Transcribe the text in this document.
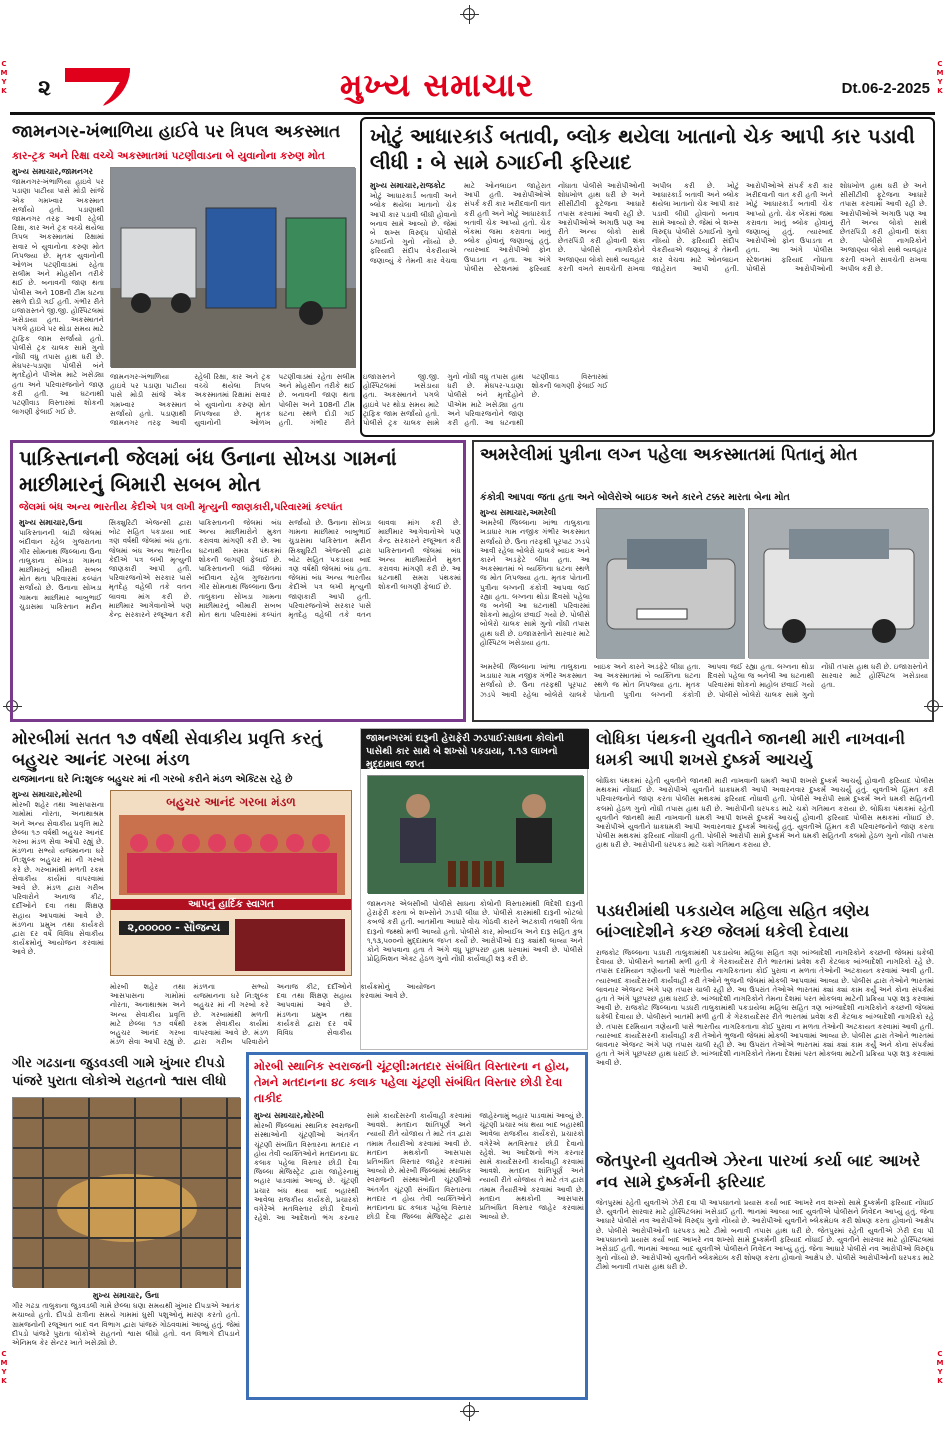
CMYK
CMYK
CMYK
CMYK
૨	મુખ્ય સમાચાર	Dt.06-2-2025
જામનગર-ખંભાળિયા હાઈવે પર ત્રિપલ અકસ્માત
કાર-ટ્રક અને રિક્ષા વચ્ચે અકસ્માતમાં પટણીવાડના બે યુવાનોના કરુણ મોત
મુખ્ય સમાચાર,જામનગર
જામનગર-ખંભાળિયા હાઇવે પર પડાણા પાટીયા પાસે મોડી સાંજે એક ગમખ્વાર અકસ્માત સર્જાયો હતો. પડાણાથી જામનગર તરફ આવી રહેલી રિક્ષા, કાર અને ટ્રક વચ્ચે થયેલા ત્રિપલ અકસ્માતમાં રિક્ષામાં સવાર બે યુવાનોના કરુણ મોત નિપજ્યા છે. મૃતક યુવાનોની ઓળખ પટણીવાડમાં રહેતા સલીમ અને મોહસીન તરીકે થઈ છે. બનાવની જાણ થતા પોલીસ અને 108ની ટીમ ઘટના સ્થળે દોડી ગઈ હતી. ગંભીર રીતે ઇજાગ્રસ્તને જી.જી. હોસ્પિટલમાં ખસેડાયા હતા. અકસ્માતને પગલે હાઇવે પર થોડા સમય માટે ટ્રાફિક જામ સર્જાયો હતો. પોલીસે ટ્રક ચાલક સામે ગુનો નોંધી વધુ તપાસ હાથ ધરી છે. મેઘપર-પડાણા પોલીસે બંને મૃતદેહોને પીએમ માટે ખસેડ્યા હતા અને પરિવારજનોને જાણ કરી હતી. આ ઘટનાથી પટણીવાડ વિસ્તારમાં શોકની લાગણી ફેલાઈ ગઈ છે.
જામનગર-ખંભાળિયા હાઇવે પર પડાણા પાટીયા પાસે મોડી સાંજે એક ગમખ્વાર અકસ્માત સર્જાયો હતો. પડાણાથી જામનગર તરફ આવી રહેલી રિક્ષા, કાર અને ટ્રક વચ્ચે થયેલા ત્રિપલ અકસ્માતમાં રિક્ષામાં સવાર બે યુવાનોના કરુણ મોત નિપજ્યા છે. મૃતક યુવાનોની ઓળખ પટણીવાડમાં રહેતા સલીમ અને મોહસીન તરીકે થઈ છે. બનાવની જાણ થતા પોલીસ અને 108ની ટીમ ઘટના સ્થળે દોડી ગઈ હતી. ગંભીર રીતે ઇજાગ્રસ્તને જી.જી. હોસ્પિટલમાં ખસેડાયા હતા. અકસ્માતને પગલે હાઇવે પર થોડા સમય માટે ટ્રાફિક જામ સર્જાયો હતો. પોલીસે ટ્રક ચાલક સામે ગુનો નોંધી વધુ તપાસ હાથ ધરી છે. મેઘપર-પડાણા પોલીસે બંને મૃતદેહોને પીએમ માટે ખસેડ્યા હતા અને પરિવારજનોને જાણ કરી હતી. આ ઘટનાથી પટણીવાડ વિસ્તારમાં શોકની લાગણી ફેલાઈ ગઈ છે.
ખોટું આધારકાર્ડ બતાવી, બ્લોક થયેલા ખાતાનો ચેક આપી કાર પડાવી લીધી : બે સામે ઠગાઈની ફરિયાદ
મુખ્ય સમાચાર,રાજકોટ
ખોટું આધારકાર્ડ બતાવી અને બ્લોક થયેલા ખાતાનો ચેક આપી કાર પડાવી લીધી હોવાનો બનાવ સામે આવ્યો છે. જેમાં બે શખ્સ વિરુદ્ધ પોલીસે ઠગાઈનો ગુનો નોંધ્યો છે. ફરિયાદી સંદીપ વેકરીયાએ જણાવ્યું કે તેમની કાર વેચવા માટે ઓનલાઇન જાહેરાત આપી હતી. આરોપીઓએ સંપર્ક કરી કાર ખરીદવાની વાત કરી હતી અને ખોટું આધારકાર્ડ બતાવી ચેક આપ્યો હતો. ચેક બેંકમાં જમા કરાવતા ખાતું બ્લોક હોવાનું જણાવ્યું હતું. ત્યારબાદ આરોપીઓ ફોન ઉપાડતા ન હતા. આ અંગે પોલીસ સ્ટેશનમાં ફરિયાદ નોંધાતા પોલીસે આરોપીઓની શોધખોળ હાથ ધરી છે અને સીસીટીવી ફૂટેજના આધારે તપાસ કરવામાં આવી રહી છે. આરોપીઓએ અગાઉ પણ આ રીતે અન્ય લોકો સાથે છેતરપિંડી કરી હોવાની શંકા છે. પોલીસે નાગરિકોને અજાણ્યા લોકો સાથે વ્યવહાર કરતી વખતે સાવચેતી રાખવા અપીલ કરી છે. ખોટું આધારકાર્ડ બતાવી અને બ્લોક થયેલા ખાતાનો ચેક આપી કાર પડાવી લીધી હોવાનો બનાવ સામે આવ્યો છે. જેમાં બે શખ્સ વિરુદ્ધ પોલીસે ઠગાઈનો ગુનો નોંધ્યો છે. ફરિયાદી સંદીપ વેકરીયાએ જણાવ્યું કે તેમની કાર વેચવા માટે ઓનલાઇન જાહેરાત આપી હતી. આરોપીઓએ સંપર્ક કરી કાર ખરીદવાની વાત કરી હતી અને ખોટું આધારકાર્ડ બતાવી ચેક આપ્યો હતો. ચેક બેંકમાં જમા કરાવતા ખાતું બ્લોક હોવાનું જણાવ્યું હતું. ત્યારબાદ આરોપીઓ ફોન ઉપાડતા ન હતા. આ અંગે પોલીસ સ્ટેશનમાં ફરિયાદ નોંધાતા પોલીસે આરોપીઓની શોધખોળ હાથ ધરી છે અને સીસીટીવી ફૂટેજના આધારે તપાસ કરવામાં આવી રહી છે. આરોપીઓએ અગાઉ પણ આ રીતે અન્ય લોકો સાથે છેતરપિંડી કરી હોવાની શંકા છે. પોલીસે નાગરિકોને અજાણ્યા લોકો સાથે વ્યવહાર કરતી વખતે સાવચેતી રાખવા અપીલ કરી છે.
પાકિસ્તાનની જેલમાં બંધ ઉનાના સોખડા ગામનાં માછીમારનું બિમારી સબબ મોત
જેલમાં બંધ અન્ય ભારતીય કેદીએ પત્ર લખી મૃત્યુની જાણકારી,પરિવારમાં કલ્પાંત
મુખ્ય સમાચાર,ઉના
પાકિસ્તાનની લાંઢી જેલમાં બંદીવાન રહેલ ગુજરાતના ગીર સોમનાથ જિલ્લાના ઉના તાલુકાના સોખડા ગામના માછીમારનું બીમારી સબબ મોત થતા પરિવારમાં કલ્પાંત સર્જાયો છે. ઉનાના સોખડા ગામના માછીમાર બાબુભાઈ ચુડાસમા પાકિસ્તાન મરીન સિક્યુરિટી એજન્સી દ્વારા બોટ સહિત પકડાયા બાદ ત્રણ વર્ષથી જેલમાં બંધ હતા. જેલમાં બંધ અન્ય ભારતીય કેદીએ પત્ર લખી મૃત્યુની જાણકારી આપી હતી. પરિવારજનોએ સરકાર પાસે મૃતદેહ વહેલી તકે વતન લાવવા માંગ કરી છે. માછીમાર આગેવાનોએ પણ કેન્દ્ર સરકારને રજૂઆત કરી પાકિસ્તાનની જેલમાં બંધ અન્ય માછીમારોને મુક્ત કરાવવા માંગણી કરી છે. આ ઘટનાથી સમગ્ર પંથકમાં શોકની લાગણી ફેલાઈ છે. પાકિસ્તાનની લાંઢી જેલમાં બંદીવાન રહેલ ગુજરાતના ગીર સોમનાથ જિલ્લાના ઉના તાલુકાના સોખડા ગામના માછીમારનું બીમારી સબબ મોત થતા પરિવારમાં કલ્પાંત સર્જાયો છે. ઉનાના સોખડા ગામના માછીમાર બાબુભાઈ ચુડાસમા પાકિસ્તાન મરીન સિક્યુરિટી એજન્સી દ્વારા બોટ સહિત પકડાયા બાદ ત્રણ વર્ષથી જેલમાં બંધ હતા. જેલમાં બંધ અન્ય ભારતીય કેદીએ પત્ર લખી મૃત્યુની જાણકારી આપી હતી. પરિવારજનોએ સરકાર પાસે મૃતદેહ વહેલી તકે વતન લાવવા માંગ કરી છે. માછીમાર આગેવાનોએ પણ કેન્દ્ર સરકારને રજૂઆત કરી પાકિસ્તાનની જેલમાં બંધ અન્ય માછીમારોને મુક્ત કરાવવા માંગણી કરી છે. આ ઘટનાથી સમગ્ર પંથકમાં શોકની લાગણી ફેલાઈ છે.
અમરેલીમાં પુત્રીના લગ્ન પહેલા અકસ્માતમાં પિતાનું મોત
કંકોત્રી આપવા જતા હતા અને બોલેરોએ બાઇક અને કારને ટક્કર મારતા બેના મોત
મુખ્ય સમાચાર,અમરેલી
અમરેલી જિલ્લાના ખાંભા તાલુકાના ખડાધાર ગામ નજીક ગંભીર અકસ્માત સર્જાયો છે. ઉના તરફથી પૂરપાટ ઝડપે આવી રહેલા બોલેરો ચાલકે બાઇક અને કારને અડફેટે લીધા હતા. આ અકસ્માતમાં બે વ્યક્તિના ઘટના સ્થળે જ મોત નિપજ્યા હતા. મૃતક પોતાની પુત્રીના લગ્નની કંકોત્રી આપવા જઈ રહ્યા હતા. લગ્નના થોડા દિવસો પહેલા જ બનેલી આ ઘટનાથી પરિવારમાં શોકનો માહોલ છવાઈ ગયો છે. પોલીસે બોલેરો ચાલક સામે ગુનો નોંધી તપાસ હાથ ધરી છે. ઇજાગ્રસ્તોને સારવાર માટે હોસ્પિટલ ખસેડાયા હતા.
અમરેલી જિલ્લાના ખાંભા તાલુકાના ખડાધાર ગામ નજીક ગંભીર અકસ્માત સર્જાયો છે. ઉના તરફથી પૂરપાટ ઝડપે આવી રહેલા બોલેરો ચાલકે બાઇક અને કારને અડફેટે લીધા હતા. આ અકસ્માતમાં બે વ્યક્તિના ઘટના સ્થળે જ મોત નિપજ્યા હતા. મૃતક પોતાની પુત્રીના લગ્નની કંકોત્રી આપવા જઈ રહ્યા હતા. લગ્નના થોડા દિવસો પહેલા જ બનેલી આ ઘટનાથી પરિવારમાં શોકનો માહોલ છવાઈ ગયો છે. પોલીસે બોલેરો ચાલક સામે ગુનો નોંધી તપાસ હાથ ધરી છે. ઇજાગ્રસ્તોને સારવાર માટે હોસ્પિટલ ખસેડાયા હતા.
મોરબીમાં સતત ૧૭ વર્ષથી સેવાકીય પ્રવૃત્તિ કરતું બહુચર આનંદ ગરબા મંડળ
યજમાનના ઘરે નિ:શુલ્ક બહુચર માં ની ગરબો કરીને મંડળ એક્ટિસ રહે છે
મુખ્ય સમાચાર,મોરબી
મોરબી શહેર તથા આસપાસના ગામોમાં નોરતા, અનાથાશ્રમ અને અન્ય સેવાકીય પ્રવૃત્તિ માટે છેલ્લા ૧૭ વર્ષથી બહુચર આનંદ ગરબા મંડળ સેવા આપી રહ્યું છે. મંડળના સભ્યો યજમાનના ઘરે નિ:શુલ્ક બહુચર માં ની ગરબો કરે છે. ગરબામાંથી મળતી રકમ સેવાકીય કાર્યમાં વાપરવામાં આવે છે. મંડળ દ્વારા ગરીબ પરિવારોને અનાજ કીટ, દર્દીઓને દવા તથા શિક્ષણ સહાય આપવામાં આવે છે. મંડળના પ્રમુખ તથા કાર્યકરો દ્વારા દર વર્ષે વિવિધ સેવાકીય કાર્યક્રમોનું આયોજન કરવામાં આવે છે.
બહુચર આનંદ ગરબા મંડળ
આપનું હાર્દિક સ્વાગત
૨,૦૦૦૦૦ - સૌજન્ય
મોરબી શહેર તથા આસપાસના ગામોમાં નોરતા, અનાથાશ્રમ અને અન્ય સેવાકીય પ્રવૃત્તિ માટે છેલ્લા ૧૭ વર્ષથી બહુચર આનંદ ગરબા મંડળ સેવા આપી રહ્યું છે. મંડળના સભ્યો યજમાનના ઘરે નિ:શુલ્ક બહુચર માં ની ગરબો કરે છે. ગરબામાંથી મળતી રકમ સેવાકીય કાર્યમાં વાપરવામાં આવે છે. મંડળ દ્વારા ગરીબ પરિવારોને અનાજ કીટ, દર્દીઓને દવા તથા શિક્ષણ સહાય આપવામાં આવે છે. મંડળના પ્રમુખ તથા કાર્યકરો દ્વારા દર વર્ષે વિવિધ સેવાકીય કાર્યક્રમોનું આયોજન કરવામાં આવે છે.
જામનગરમાં દારૂની હેરાફેરી ઝડપાઈ:સાધના કોલોની પાસેથી કાર સાથે બે શખ્સો પકડાયા, ૧.૧૩ લાખનો મુદ્દામાલ જપ્ત
જામનગર એલસીબી પોલીસે સાધના કોલોની વિસ્તારમાંથી વિદેશી દારૂની હેરાફેરી કરતા બે શખ્સોને ઝડપી લીધા છે. પોલીસે કારમાંથી દારૂની બોટલો કબજે કરી હતી. બાતમીના આધારે વોચ ગોઠવી કારને અટકાવી તલાશી લેતા દારૂનો જથ્થો મળી આવ્યો હતો. પોલીસે કાર, મોબાઈલ અને દારૂ સહિત કુલ ૧,૧૩,૫૦૦નો મુદ્દામાલ જપ્ત કર્યો છે. આરોપીઓ દારૂ ક્યાંથી લાવ્યા અને કોને આપવાના હતા તે અંગે વધુ પૂછપરછ હાથ ધરવામાં આવી છે. પોલીસે પ્રોહિબિશન એક્ટ હેઠળ ગુનો નોંધી કાર્યવાહી શરૂ કરી છે.
લોધિકા પંથકની યુવતીને જાનથી મારી નાખવાની ધમકી આપી શખસે દુષ્કર્મ આચર્યુ
લોધિકા પંથકમાં રહેતી યુવતીને જાનથી મારી નાખવાની ધમકી આપી શખસે દુષ્કર્મ આચર્યુ હોવાની ફરિયાદ પોલીસ મથકમાં નોંધાઈ છે. આરોપીએ યુવતીને ધાકધમકી આપી અવારનવાર દુષ્કર્મ આચર્યુ હતું. યુવતીએ હિંમત કરી પરિવારજનોને જાણ કરતા પોલીસ મથકમાં ફરિયાદ નોંધાવી હતી. પોલીસે આરોપી સામે દુષ્કર્મ અને ધમકી સહિતની કલમો હેઠળ ગુનો નોંધી તપાસ હાથ ધરી છે. આરોપીની ધરપકડ માટે ચક્રો ગતિમાન કરાયા છે. લોધિકા પંથકમાં રહેતી યુવતીને જાનથી મારી નાખવાની ધમકી આપી શખસે દુષ્કર્મ આચર્યુ હોવાની ફરિયાદ પોલીસ મથકમાં નોંધાઈ છે. આરોપીએ યુવતીને ધાકધમકી આપી અવારનવાર દુષ્કર્મ આચર્યુ હતું. યુવતીએ હિંમત કરી પરિવારજનોને જાણ કરતા પોલીસ મથકમાં ફરિયાદ નોંધાવી હતી. પોલીસે આરોપી સામે દુષ્કર્મ અને ધમકી સહિતની કલમો હેઠળ ગુનો નોંધી તપાસ હાથ ધરી છે. આરોપીની ધરપકડ માટે ચક્રો ગતિમાન કરાયા છે.
પડધરીમાંથી પકડાયેલ મહિલા સહિત ત્રણેય બાંગ્લાદેશીને કચ્છ જેલમાં ધકેલી દેવાયા
રાજકોટ જિલ્લાના પડધરી તાલુકામાંથી પકડાયેલા મહિલા સહિત ત્રણ બાંગ્લાદેશી નાગરિકોને કચ્છની જેલમાં ધકેલી દેવાયા છે. પોલીસને બાતમી મળી હતી કે ગેરકાયદેસર રીતે ભારતમાં પ્રવેશ કરી કેટલાક બાંગ્લાદેશી નાગરિકો રહે છે. તપાસ દરમિયાન ત્રણેયની પાસે ભારતીય નાગરિકતાના કોઈ પુરાવા ન મળતા તેઓની અટકાયત કરવામાં આવી હતી. ત્યારબાદ કાયદેસરની કાર્યવાહી કરી તેઓને ભુજની જેલમાં મોકલી આપવામાં આવ્યા છે. પોલીસ દ્વારા તેઓને ભારતમાં લાવનાર એજન્ટ અંગે પણ તપાસ ચાલી રહી છે. આ ઉપરાંત તેઓએ ભારતમાં ક્યાં ક્યાં કામ કર્યું અને કોના સંપર્કમાં હતા તે અંગે પૂછપરછ હાથ ધરાઈ છે. બાંગ્લાદેશી નાગરિકોને તેમના દેશમાં પરત મોકલવા માટેની પ્રક્રિયા પણ શરૂ કરવામાં આવી છે. રાજકોટ જિલ્લાના પડધરી તાલુકામાંથી પકડાયેલા મહિલા સહિત ત્રણ બાંગ્લાદેશી નાગરિકોને કચ્છની જેલમાં ધકેલી દેવાયા છે. પોલીસને બાતમી મળી હતી કે ગેરકાયદેસર રીતે ભારતમાં પ્રવેશ કરી કેટલાક બાંગ્લાદેશી નાગરિકો રહે છે. તપાસ દરમિયાન ત્રણેયની પાસે ભારતીય નાગરિકતાના કોઈ પુરાવા ન મળતા તેઓની અટકાયત કરવામાં આવી હતી. ત્યારબાદ કાયદેસરની કાર્યવાહી કરી તેઓને ભુજની જેલમાં મોકલી આપવામાં આવ્યા છે. પોલીસ દ્વારા તેઓને ભારતમાં લાવનાર એજન્ટ અંગે પણ તપાસ ચાલી રહી છે. આ ઉપરાંત તેઓએ ભારતમાં ક્યાં ક્યાં કામ કર્યું અને કોના સંપર્કમાં હતા તે અંગે પૂછપરછ હાથ ધરાઈ છે. બાંગ્લાદેશી નાગરિકોને તેમના દેશમાં પરત મોકલવા માટેની પ્રક્રિયા પણ શરૂ કરવામાં આવી છે.
જેતપુરની યુવતીએ ઝેરના પારખાં કર્યા બાદ આખરે નવ સામે દુષ્કર્મની ફરિયાદ
જેતપુરમાં રહેતી યુવતીએ ઝેરી દવા પી આપઘાતનો પ્રયાસ કર્યા બાદ આખરે નવ શખ્સો સામે દુષ્કર્મની ફરિયાદ નોંધાઈ છે. યુવતીને સારવાર માટે હોસ્પિટલમાં ખસેડાઈ હતી. ભાનમાં આવ્યા બાદ યુવતીએ પોલીસને નિવેદન આપ્યું હતું. જેના આધારે પોલીસે નવ આરોપીઓ વિરુદ્ધ ગુનો નોંધ્યો છે. આરોપીઓ યુવતીને બ્લેકમેઇલ કરી શોષણ કરતા હોવાનો આક્ષેપ છે. પોલીસે આરોપીઓની ધરપકડ માટે ટીમો બનાવી તપાસ હાથ ધરી છે. જેતપુરમાં રહેતી યુવતીએ ઝેરી દવા પી આપઘાતનો પ્રયાસ કર્યા બાદ આખરે નવ શખ્સો સામે દુષ્કર્મની ફરિયાદ નોંધાઈ છે. યુવતીને સારવાર માટે હોસ્પિટલમાં ખસેડાઈ હતી. ભાનમાં આવ્યા બાદ યુવતીએ પોલીસને નિવેદન આપ્યું હતું. જેના આધારે પોલીસે નવ આરોપીઓ વિરુદ્ધ ગુનો નોંધ્યો છે. આરોપીઓ યુવતીને બ્લેકમેઇલ કરી શોષણ કરતા હોવાનો આક્ષેપ છે. પોલીસે આરોપીઓની ધરપકડ માટે ટીમો બનાવી તપાસ હાથ ધરી છે.
ગીર ગઢડાના જુડવડલી ગામે ખુંખાર દીપડો પાંજરે પુરાતા લોકોએ રાહતનો શ્વાસ લીધો
મુખ્ય સમાચાર, ઉના
ગીર ગઢડા તાલુકાના જુડવડલી ગામે છેલ્લા ઘણા સમયથી ખુંખાર દીપડાએ આતંક મચાવ્યો હતો. દીપડો રાત્રીના સમયે ગામમાં ઘુસી પશુઓનું મારણ કરતો હતો. ગ્રામજનોની રજૂઆત બાદ વન વિભાગ દ્વારા પાંજરું ગોઠવવામાં આવ્યું હતું. જેમાં દીપડો પાંજરે પુરાતા લોકોએ રાહતનો શ્વાસ લીધો હતો. વન વિભાગે દીપડાને એનિમલ કેર સેન્ટર ખાતે ખસેડ્યો છે.
મોરબી સ્થાનિક સ્વરાજની ચૂંટણી:મતદાર સંબંધિત વિસ્તારના ન હોય, તેમને મતદાનના ૪૮ કલાક પહેલા ચૂંટણી સંબંધિત વિસ્તાર છોડી દેવા તાકીદ
મુખ્ય સમાચાર,મોરબી
મોરબી જિલ્લામાં સ્થાનિક સ્વરાજની સંસ્થાઓની ચૂંટણીઓ અંતર્ગત ચૂંટણી સંબંધિત વિસ્તારના મતદાર ન હોય તેવી વ્યક્તિઓને મતદાનના ૪૮ કલાક પહેલા વિસ્તાર છોડી દેવા જિલ્લા મેજિસ્ટ્રેટ દ્વારા જાહેરનામું બહાર પાડવામાં આવ્યું છે. ચૂંટણી પ્રચાર બંધ થયા બાદ બહારથી આવેલા રાજકીય કાર્યકરો, પ્રચારકો વગેરેએ મતવિસ્તાર છોડી દેવાનો રહેશે. આ આદેશનો ભંગ કરનાર સામે કાયદેસરની કાર્યવાહી કરવામાં આવશે. મતદાન શાંતિપૂર્ણ અને ન્યાયી રીતે યોજાય તે માટે તંત્ર દ્વારા તમામ તૈયારીઓ કરવામાં આવી છે. મતદાન મથકોની આસપાસ પ્રતિબંધિત વિસ્તાર જાહેર કરવામાં આવ્યો છે. મોરબી જિલ્લામાં સ્થાનિક સ્વરાજની સંસ્થાઓની ચૂંટણીઓ અંતર્ગત ચૂંટણી સંબંધિત વિસ્તારના મતદાર ન હોય તેવી વ્યક્તિઓને મતદાનના ૪૮ કલાક પહેલા વિસ્તાર છોડી દેવા જિલ્લા મેજિસ્ટ્રેટ દ્વારા જાહેરનામું બહાર પાડવામાં આવ્યું છે. ચૂંટણી પ્રચાર બંધ થયા બાદ બહારથી આવેલા રાજકીય કાર્યકરો, પ્રચારકો વગેરેએ મતવિસ્તાર છોડી દેવાનો રહેશે. આ આદેશનો ભંગ કરનાર સામે કાયદેસરની કાર્યવાહી કરવામાં આવશે. મતદાન શાંતિપૂર્ણ અને ન્યાયી રીતે યોજાય તે માટે તંત્ર દ્વારા તમામ તૈયારીઓ કરવામાં આવી છે. મતદાન મથકોની આસપાસ પ્રતિબંધિત વિસ્તાર જાહેર કરવામાં આવ્યો છે.
